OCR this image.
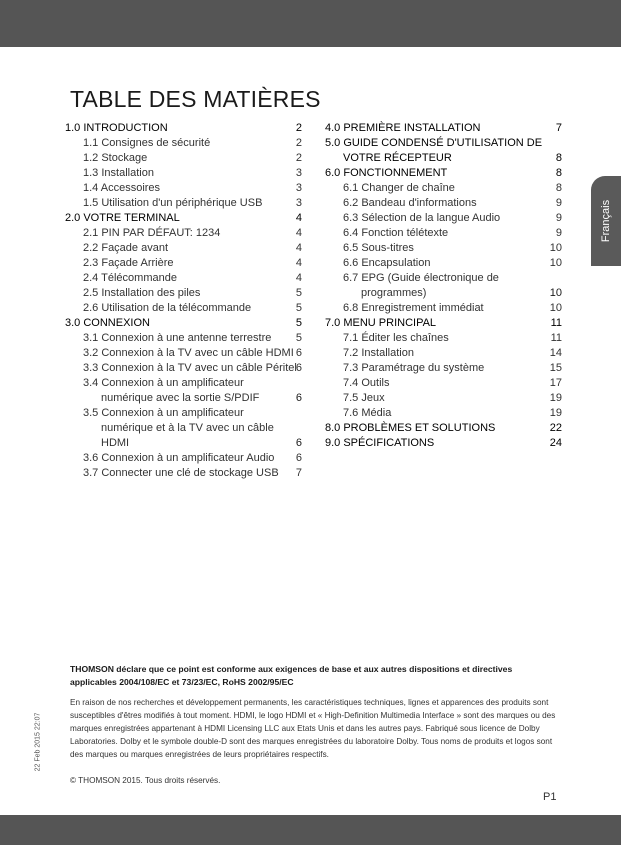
Français
TABLE DES MATIÈRES
1.0 INTRODUCTION	2
1.1 Consignes de sécurité	2
1.2 Stockage	2
1.3 Installation	3
1.4 Accessoires	3
1.5 Utilisation d'un périphérique USB	3
2.0 VOTRE TERMINAL	4
2.1 PIN PAR DÉFAUT: 1234	4
2.2 Façade avant	4
2.3 Façade Arrière	4
2.4 Télécommande	4
2.5 Installation des piles	5
2.6 Utilisation de la télécommande	5
3.0 CONNEXION	5
3.1 Connexion à une antenne terrestre 5
3.2 Connexion à la TV avec un câble HDMI 6
3.3 Connexion à la TV avec un câble Péritel 6
3.4 Connexion à un amplificateur
numérique avec la sortie S/PDIF	6
3.5 Connexion à un amplificateur
numérique et à la TV avec un câble
HDMI	6
3.6 Connexion à un amplificateur Audio 6
3.7 Connecter une clé de stockage USB 7
4.0 PREMIÈRE INSTALLATION	7
5.0 GUIDE CONDENSÉ D'UTILISATION DE
VOTRE RÉCEPTEUR	8
6.0 FONCTIONNEMENT	8
6.1 Changer de chaîne	8
6.2 Bandeau d'informations	9
6.3 Sélection de la langue Audio	9
6.4 Fonction télétexte	9
6.5 Sous-titres	10
6.6 Encapsulation	10
6.7 EPG (Guide électronique de
programmes)	10
6.8 Enregistrement immédiat	10
7.0 MENU PRINCIPAL	11
7.1 Éditer les chaînes	11
7.2 Installation	14
7.3 Paramétrage du système	15
7.4 Outils	17
7.5 Jeux	19
7.6 Média	19
8.0 PROBLÈMES ET SOLUTIONS	22
9.0 SPÉCIFICATIONS	24
THOMSON déclare que ce point est conforme aux exigences de base et aux autres dispositions et directives applicables 2004/108/EC et 73/23/EC, RoHS 2002/95/EC
En raison de nos recherches et développement permanents, les caractéristiques techniques, lignes et apparences des produits sont susceptibles d'êtres modifiés à tout moment. HDMI, le logo HDMI et « High-Definition Multimedia Interface » sont des marques ou des marques enregistrées appartenant à HDMI Licensing LLC aux Etats Unis et dans les autres pays. Fabriqué sous licence de Dolby Laboratories. Dolby et le symbole double-D sont des marques enregistrées du laboratoire Dolby. Tous noms de produits et logos sont des marques ou marques enregistrées de leurs propriétaires respectifs.
© THOMSON 2015. Tous droits réservés.
P1
22 Feb 2015 22:07
